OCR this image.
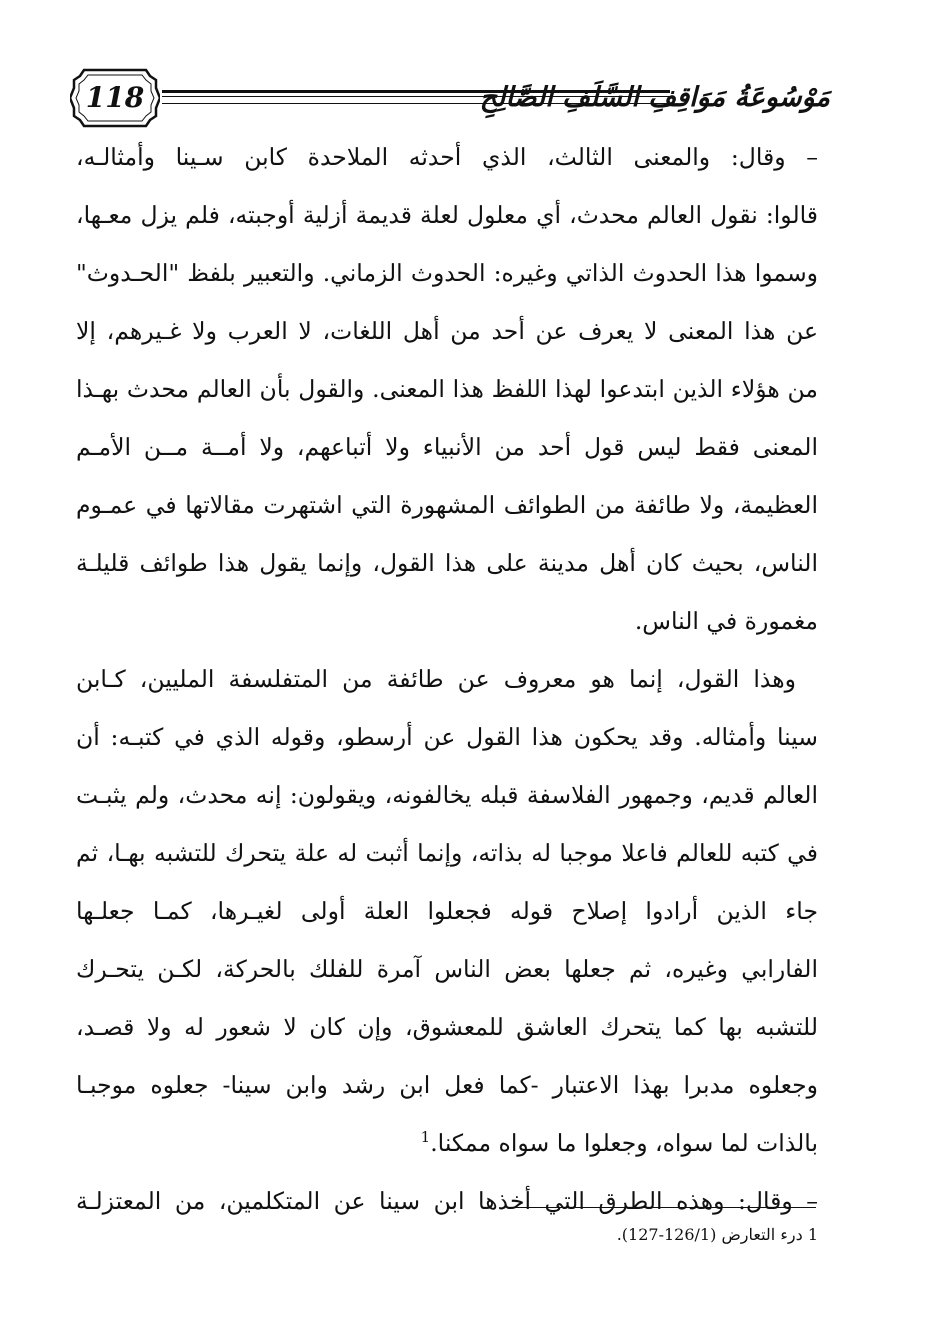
118	مَوْسُوعَةُ مَوَاقِفِ السَّلَفِ الصَّالِحِ
– وقال: والمعنى الثالث، الذي أحدثه الملاحدة كابن سـينا وأمثالـه،
قالوا: نقول العالم محدث، أي معلول لعلة قديمة أزلية أوجبته، فلم يزل معـها،
وسموا هذا الحدوث الذاتي وغيره: الحدوث الزماني. والتعبير بلفظ "الحـدوث"
عن هذا المعنى لا يعرف عن أحد من أهل اللغات، لا العرب ولا غـيرهم، إلا
من هؤلاء الذين ابتدعوا لهذا اللفظ هذا المعنى. والقول بأن العالم محدث بهـذا
المعنى فقط ليس قول أحد من الأنبياء ولا أتباعهم، ولا أمــة مــن الأمـم
العظيمة، ولا طائفة من الطوائف المشهورة التي اشتهرت مقالاتها في عمـوم
الناس، بحيث كان أهل مدينة على هذا القول، وإنما يقول هذا طوائف قليلـة
مغمورة في الناس.
وهذا القول، إنما هو معروف عن طائفة من المتفلسفة المليين، كـابن
سينا وأمثاله. وقد يحكون هذا القول عن أرسطو، وقوله الذي في كتبـه: أن
العالم قديم، وجمهور الفلاسفة قبله يخالفونه، ويقولون: إنه محدث، ولم يثبـت
في كتبه للعالم فاعلا موجبا له بذاته، وإنما أثبت له علة يتحرك للتشبه بهـا، ثم
جاء الذين أرادوا إصلاح قوله فجعلوا العلة أولى لغيـرها، كمـا جعلـها
الفارابي وغيره، ثم جعلها بعض الناس آمرة للفلك بالحركة، لكـن يتحـرك
للتشبه بها كما يتحرك العاشق للمعشوق، وإن كان لا شعور له ولا قصـد،
وجعلوه مدبرا بهذا الاعتبار -كما فعل ابن رشد وابن سينا- جعلوه موجبـا
بالذات لما سواه، وجعلوا ما سواه ممكنا.$^1$
– وقال: وهذه الطرق التي أخذها ابن سينا عن المتكلمين، من المعتزلـة
1 درء التعارض (126/1-127).
